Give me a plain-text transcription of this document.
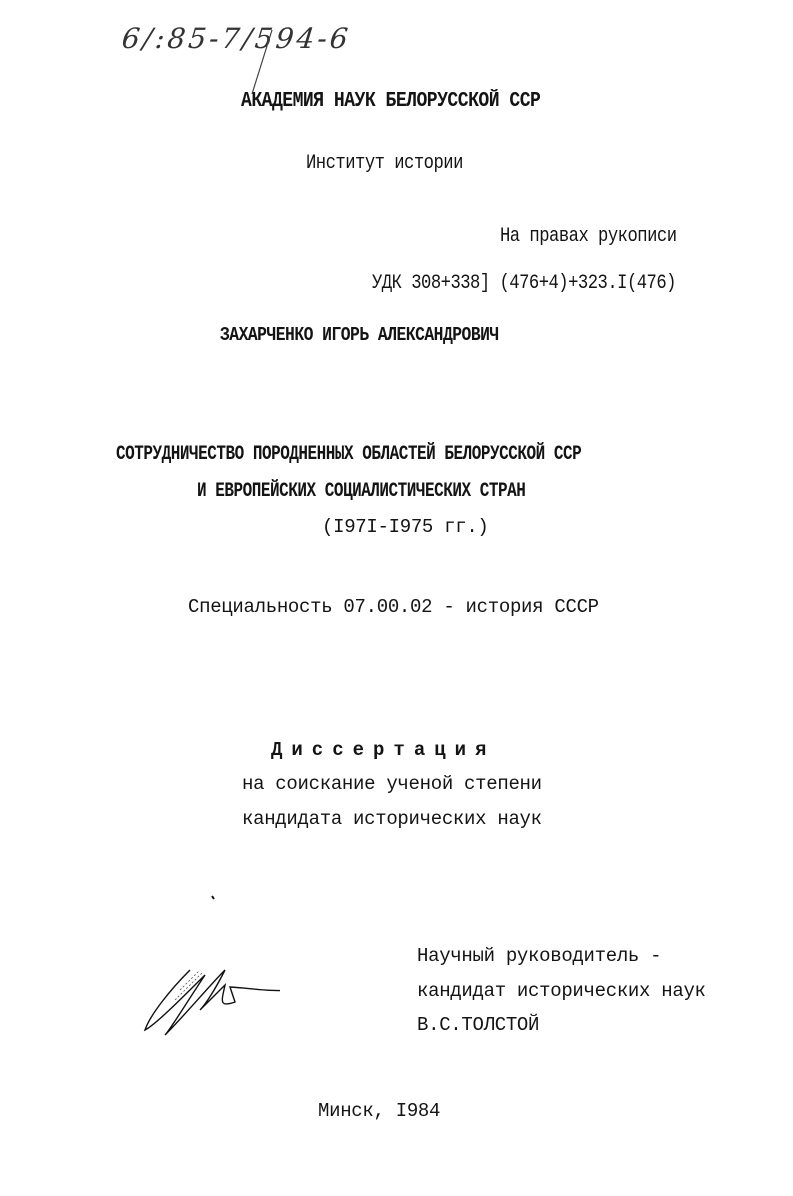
6/:85-7/594-6
АКАДЕМИЯ НАУК БЕЛОРУССКОЙ ССР
Институт истории
На правах рукописи
УДК 308+338] (476+4)+323.I(476)
ЗАХАРЧЕНКО ИГОРЬ АЛЕКСАНДРОВИЧ
СОТРУДНИЧЕСТВО ПОРОДНЕННЫХ ОБЛАСТЕЙ БЕЛОРУССКОЙ ССР
И ЕВРОПЕЙСКИХ СОЦИАЛИСТИЧЕСКИХ СТРАН
(I97I-I975 гг.)
Специальность 07.00.02 - история СССР
Диссертация
на соискание ученой степени
кандидата исторических наук
Научный руководитель -
кандидат исторических наук
В.С.ТОЛСТОЙ
Минск, I984
